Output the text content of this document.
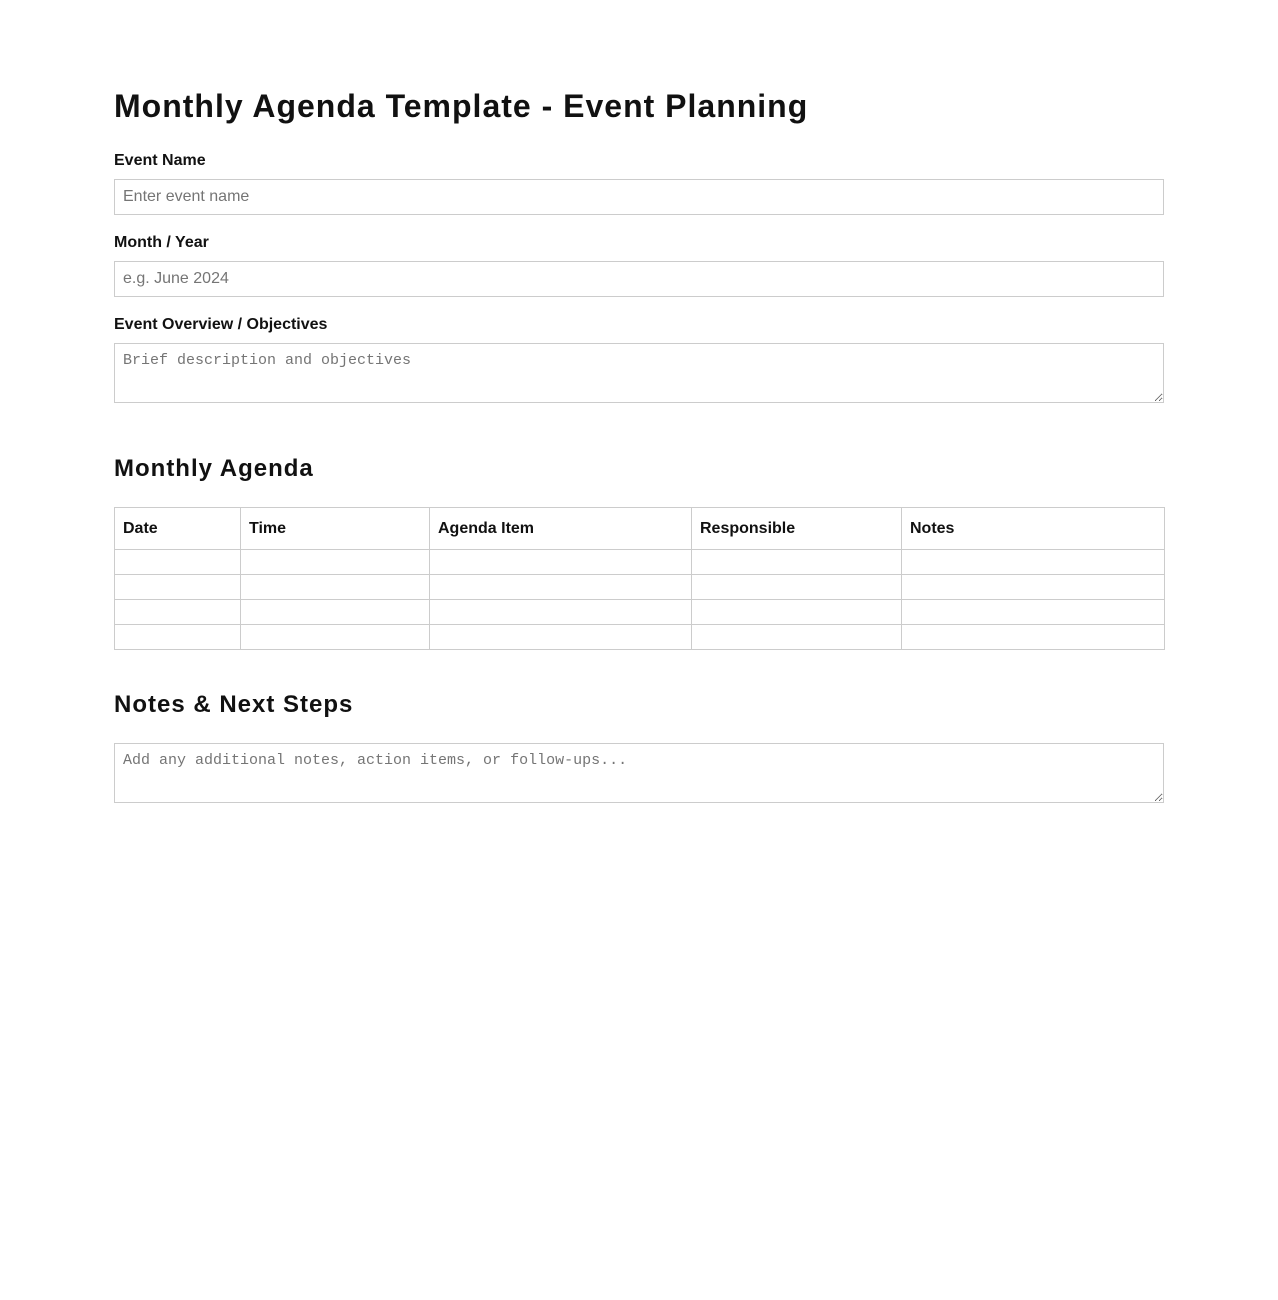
Monthly Agenda Template - Event Planning
Event Name
Enter event name
Month / Year
e.g. June 2024
Event Overview / Objectives
Brief description and objectives
Monthly Agenda
Date	Time	Agenda Item	Responsible	Notes

Notes & Next Steps
Add any additional notes, action items, or follow-ups...
